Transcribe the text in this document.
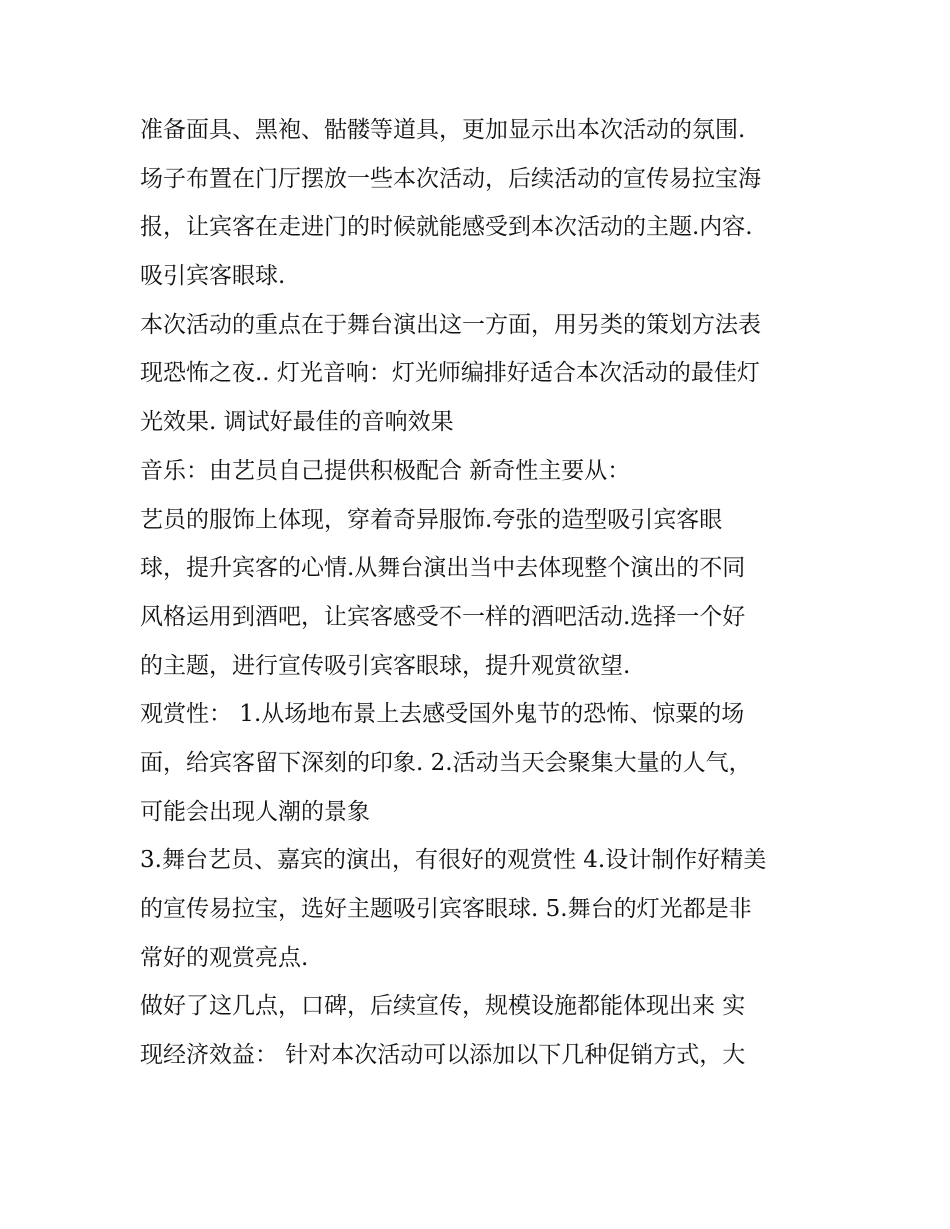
准备面具、黑袍、骷髅等道具，更加显示出本次活动的氛围.
场子布置在门厅摆放一些本次活动，后续活动的宣传易拉宝海
报，让宾客在走进门的时候就能感受到本次活动的主题.内容.
吸引宾客眼球.
本次活动的重点在于舞台演出这一方面，用另类的策划方法表
现恐怖之夜.. 灯光音响：灯光师编排好适合本次活动的最佳灯
光效果. 调试好最佳的音响效果
音乐：由艺员自己提供积极配合 新奇性主要从：
艺员的服饰上体现，穿着奇异服饰.夸张的造型吸引宾客眼
球，提升宾客的心情.从舞台演出当中去体现整个演出的不同
风格运用到酒吧，让宾客感受不一样的酒吧活动.选择一个好
的主题，进行宣传吸引宾客眼球，提升观赏欲望.
观赏性： 1.从场地布景上去感受国外鬼节的恐怖、惊粟的场
面，给宾客留下深刻的印象. 2.活动当天会聚集大量的人气，
可能会出现人潮的景象
3.舞台艺员、嘉宾的演出，有很好的观赏性 4.设计制作好精美
的宣传易拉宝，选好主题吸引宾客眼球. 5.舞台的灯光都是非
常好的观赏亮点.
做好了这几点，口碑，后续宣传，规模设施都能体现出来 实
现经济效益： 针对本次活动可以添加以下几种促销方式，大
